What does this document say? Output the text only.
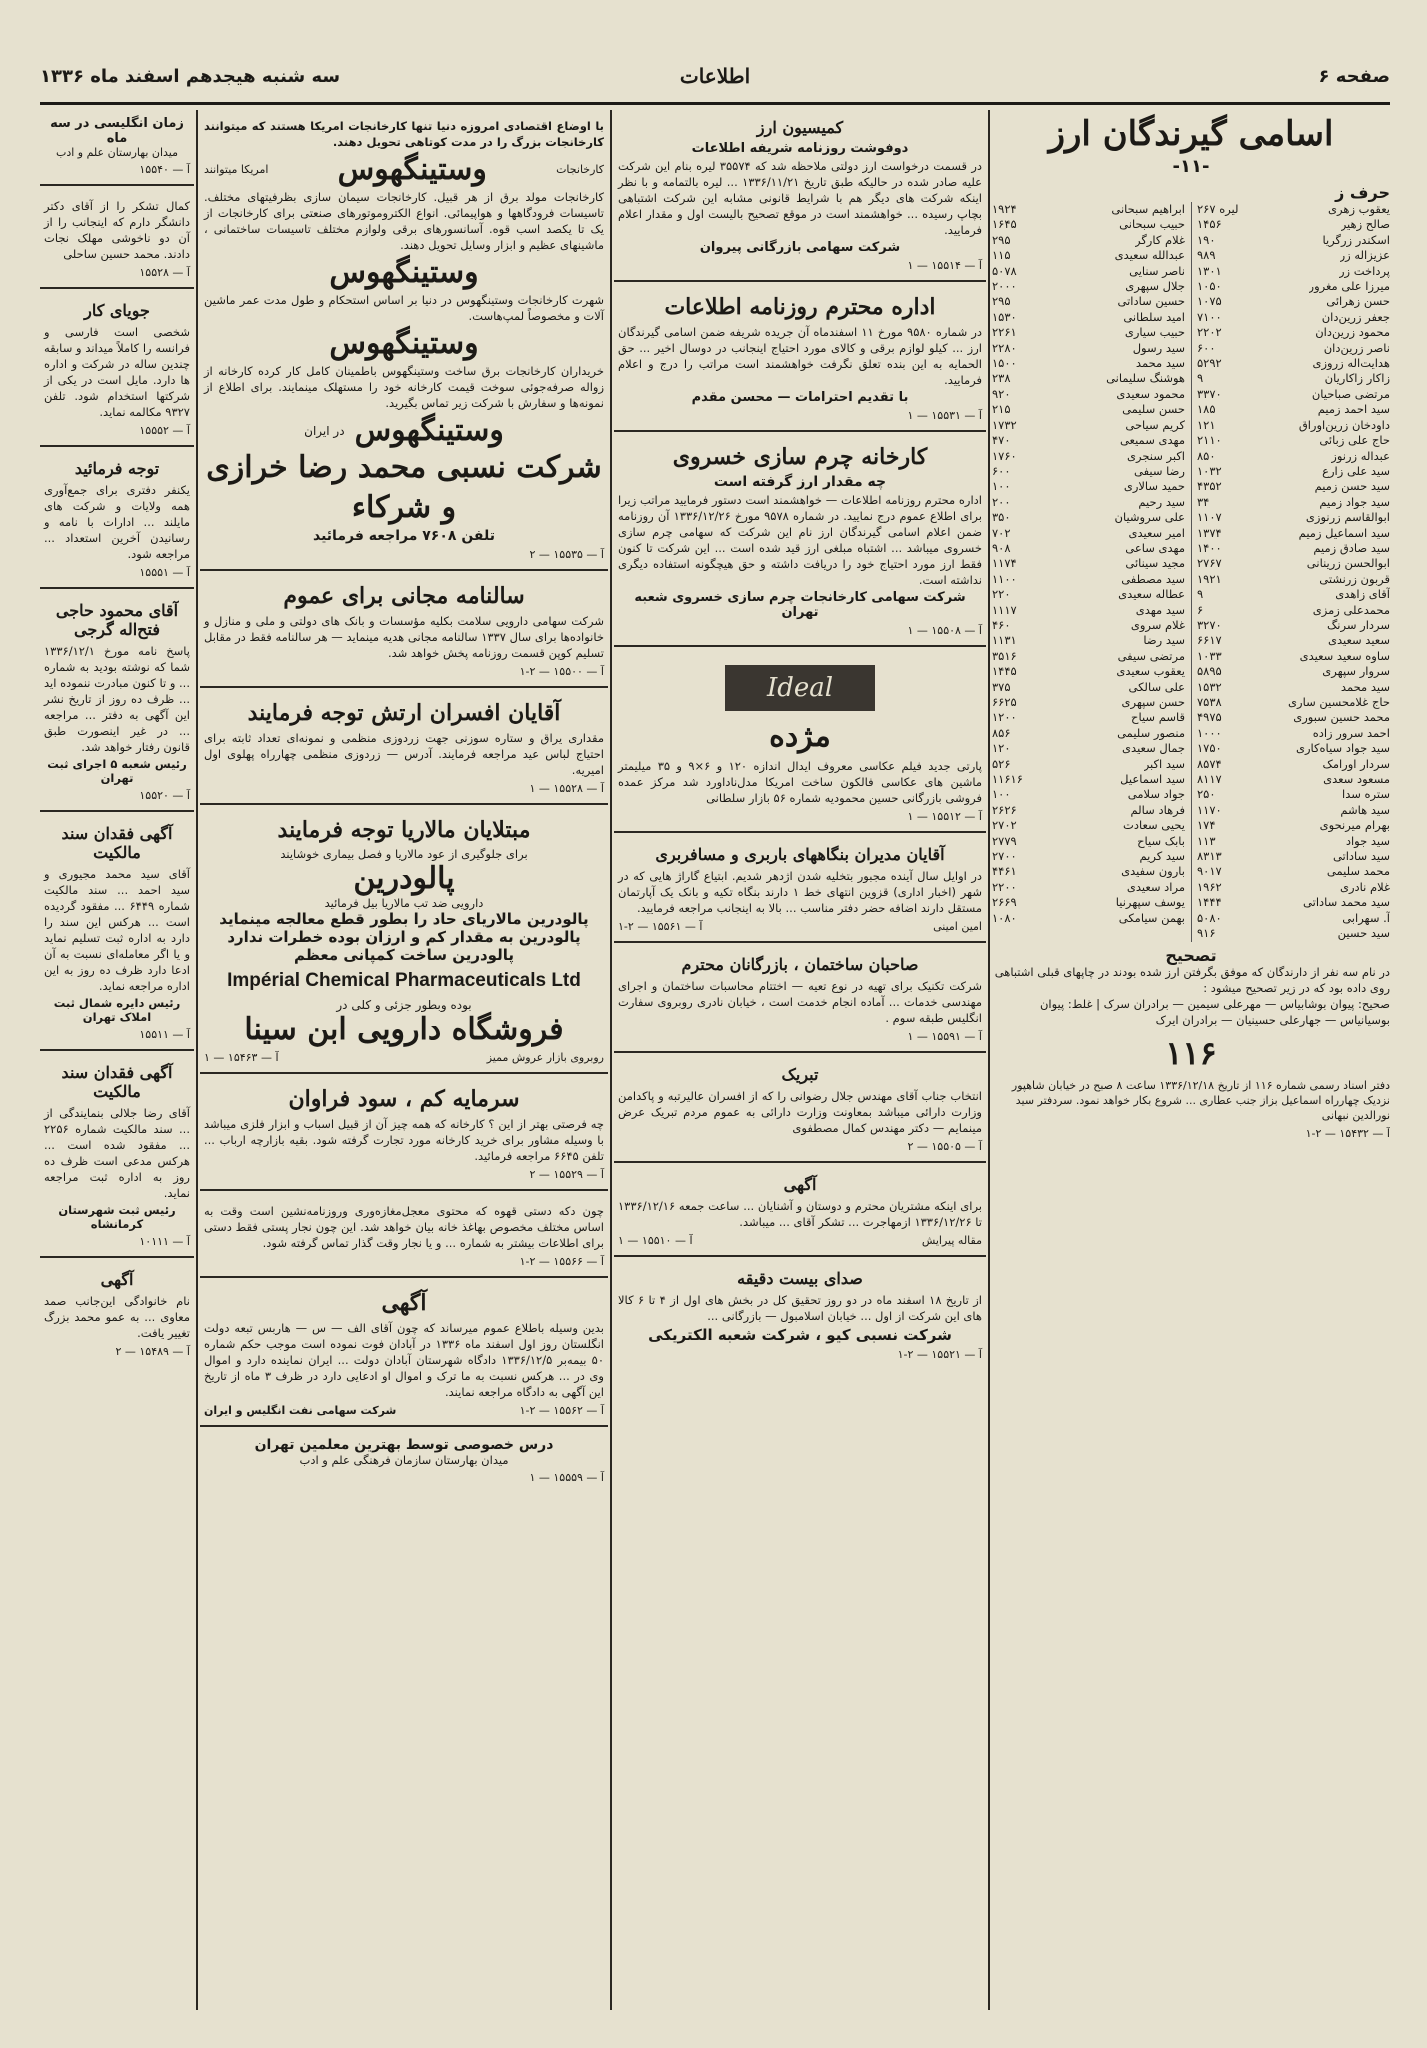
صفحه ۶
اطلاعات
سه شنبه هیجدهم اسفند ماه ۱۳۳۶
اسامی گیرندگان ارز
-۱۱-
حرف ز
یعقوب زهری
۲۶۷ لیره
صالح زهیر
۱۴۵۶
اسکندر زرگریا
۱۹۰
عزیزاله زر
۹۸۹
پرداخت زر
۱۳۰۱
میرزا علی مغرور
۱۰۵۰
حسن زهرائی
۱۰۷۵
جعفر زرین‌دان
۷۱۰۰
محمود زرین‌دان
۲۲۰۲
ناصر زرین‌دان
۶۰۰
هدایت‌اله زروزی
۵۲۹۲
زاکار زاکاریان
۹
مرتضی صباحیان
۳۳۷۰
سید احمد زمیم
۱۸۵
داودخان زرین‌اوراق
۱۲۱
حاج علی زبائی
۲۱۱۰
عبداله زرنوز
۸۵۰
سید علی زارع
۱۰۳۲
سید حسن زمیم
۴۳۵۲
سید جواد زمیم
۳۴
ابوالقاسم زرنوزی
۱۱۰۷
سید اسماعیل زمیم
۱۳۷۴
سید صادق زمیم
۱۴۰۰
ابوالحسن زرینانی
۲۷۶۷
قربون زرنشتی
۱۹۲۱
آقای زاهدی
۹
محمدعلی زمزی
۶
سردار سرنگ
۳۲۷۰
سعید سعیدی
۶۶۱۷
ساوه سعید سعیدی
۱۰۳۳
سروار سپهری
۵۸۹۵
سید محمد
۱۵۳۲
حاج غلامحسین ساری
۷۵۳۸
محمد حسین سبوری
۴۹۷۵
احمد سرور زاده
۱۰۰۰
سید جواد سیاه‌کاری
۱۷۵۰
سردار اورامک
۸۵۷۴
مسعود سعدی
۸۱۱۷
ستره سدا
۲۵۰
سید هاشم
۱۱۷۰
بهرام میرنحوی
۱۷۴
سید جواد
۱۱۳
سید ساداتی
۸۳۱۳
محمد سلیمی
۹۰۱۷
غلام نادری
۱۹۶۲
سید محمد ساداتی
۱۴۴۴
آ. سهرابی
۵۰۸۰
سید حسین
۹۱۶
ابراهیم سبحانی
۱۹۲۴
حبیب سبحانی
۱۶۴۵
غلام کارگر
۲۹۵
عبدالله سعیدی
۱۱۵
ناصر سنایی
۵۰۷۸
جلال سپهری
۲۰۰۰
حسین ساداتی
۲۹۵
امید سلطانی
۱۵۳۰
حبیب سیاری
۲۲۶۱
سید رسول
۲۲۸۰
سید محمد
۱۵۰۰
هوشنگ سلیمانی
۲۳۸
محمود سعیدی
۹۲۰
حسن سلیمی
۲۱۵
کریم سیاحی
۱۷۳۲
مهدی سمیعی
۴۷۰
اکبر سنجری
۱۷۶۰
رضا سیفی
۶۰۰
حمید سالاری
۱۰۰
سید رحیم
۲۰۰
علی سروشیان
۳۵۰
امیر سعیدی
۷۰۲
مهدی ساعی
۹۰۸
مجید سینائی
۱۱۷۴
سید مصطفی
۱۱۰۰
عطاله سعیدی
۲۲۰
سید مهدی
۱۱۱۷
غلام سروی
۴۶۰
سید رضا
۱۱۳۱
مرتضی سیفی
۳۵۱۶
یعقوب سعیدی
۱۴۴۵
علی سالکی
۳۷۵
حسن سپهری
۶۶۲۵
قاسم سیاح
۱۲۰۰
منصور سلیمی
۸۵۶
جمال سعیدی
۱۲۰
سید اکبر
۵۲۶
سید اسماعیل
۱۱۶۱۶
جواد سلامی
۱۰۰
فرهاد سالم
۲۶۲۶
یحیی سعادت
۲۷۰۲
بابک سیاح
۲۷۷۹
سید کریم
۲۷۰۰
بارون سفیدی
۴۴۶۱
مراد سعیدی
۲۲۰۰
یوسف سپهرنیا
۲۶۶۹
بهمن سیامکی
۱۰۸۰
تصحیح
در نام سه نفر از دارندگان که موفق بگرفتن ارز شده بودند در چاپهای قبلی اشتباهی روی داده بود که در زیر تصحیح میشود :
صحیح: پیوان بوشابیاس — مهرعلی سیمین — برادران سرک | غلط: پیوان بوسیانیاس — جهارعلی حسینیان — برادران ایرک
۱۱۶
دفتر اسناد رسمی شماره ۱۱۶ از تاریخ ۱۳۳۶/۱۲/۱۸ ساعت ۸ صبح در خیابان شاهپور نزدیک چهارراه اسماعیل بزاز جنب عطاری ... شروع بکار خواهد نمود. سردفتر سید نورالدین نبهانی
آ — ۱۵۴۳۲ — ۲-۱
کمیسیون ارز
دوفوشت روزنامه شریفه اطلاعات

در قسمت درخواست ارز دولتی ملاحظه شد که ۳۵۵۷۴ لیره بنام این شرکت علیه صادر شده در حالیکه طبق تاریخ ۱۳۳۶/۱۱/۲۱ ... لیره بالتمامه و با نظر اینکه شرکت های دیگر هم با شرایط قانونی مشابه این شرکت اشتباهی بچاپ رسیده ... خواهشمند است در موقع تصحیح بالیست اول و مقدار اعلام فرمایید.

شرکت سهامی بازرگانی پیروان
آ — ۱۵۵۱۴ — ۱
اداره محترم روزنامه اطلاعات

در شماره ۹۵۸۰ مورخ ۱۱ اسفندماه آن جریده شریفه ضمن اسامی گیرندگان ارز ... کیلو لوازم برقی و کالای مورد احتیاج اینجانب در دوسال اخیر ... حق الحمایه به این بنده تعلق نگرفت خواهشمند است مراتب را درج و اعلام فرمایید.

با تقدیم احترامات — محسن مقدم
آ — ۱۵۵۳۱ — ۱
کارخانه چرم سازی خسروی
چه مقدار ارز گرفته است

اداره محترم روزنامه اطلاعات — خواهشمند است دستور فرمایید مراتب زیرا برای اطلاع عموم درج نمایید. در شماره ۹۵۷۸ مورخ ۱۳۳۶/۱۲/۲۶ آن روزنامه ضمن اعلام اسامی گیرندگان ارز نام این شرکت که سهامی چرم سازی خسروی میباشد ... اشتباه مبلغی ارز قید شده است ... این شرکت تا کنون فقط ارز مورد احتیاج خود را دریافت داشته و حق هیچگونه استفاده دیگری نداشته است.

شرکت سهامی کارخانجات چرم سازی خسروی شعبه تهران
آ — ۱۵۵۰۸ — ۱
Ideal
مژده

پارتی جدید فیلم عکاسی معروف ایدال اندازه ۱۲۰ و ۶×۹ و ۳۵ میلیمتر ماشین های عکاسی فالکون ساخت امریکا مدل‌ناداورد شد مرکز عمده فروشی بازرگانی حسین محمودیه شماره ۵۶ بازار سلطانی

آ — ۱۵۵۱۲ — ۱
آقایان مدیران بنگاههای باربری و مسافربری

در اوایل سال آینده مجبور بتخلیه شدن اژدهر شدیم. ابتیاع گاراژ هایی که در شهر (اخبار اداری) قزوین انتهای خط ۱ دارند بنگاه تکیه و بانک یک آپارتمان مستقل دارند اضافه حضر دفتر مناسب ... بالا به اینجانب مراجعه فرمایید.

امین امینی
آ — ۱۵۵۶۱ — ۲-۱
صاحبان ساختمان ، بازرگانان محترم

شرکت تکنیک برای تهیه در نوع تعیه — اختتام محاسبات ساختمان و اجرای مهندسی خدمات ... آماده انجام خدمت است ، خیابان نادری روبروی سفارت انگلیس طبقه سوم .

آ — ۱۵۵۹۱ — ۱
تبریک

انتخاب جناب آقای مهندس جلال رضوانی را که از افسران عالیرتبه و پاکدامن وزارت دارائی میباشد بمعاونت وزارت دارائی به عموم مردم تبریک عرض مینمایم — دکتر مهندس کمال مصطفوی

آ — ۱۵۵۰۵ — ۲
آگهی

برای اینکه مشتریان محترم و دوستان و آشنایان ... ساعت جمعه ۱۳۳۶/۱۲/۱۶ تا ۱۳۳۶/۱۲/۲۶ ازمهاجرت ... تشکر آقای ... میباشد.

مقاله پیرایش
آ — ۱۵۵۱۰ — ۱
صدای بیست دقیقه

از تاریخ ۱۸ اسفند ماه در دو روز تحقیق كل در بخش های اول از ۴ تا ۶ کالا های این شرکت از اول ... خیابان اسلامبول — بازرگانی ...

شرکت نسبی کیو ، شرکت شعبه الکتریکی
آ — ۱۵۵۲۱ — ۲-۱

با اوضاع اقتصادی امروزه دنیا تنها کارخانجات امریکا هستند که میتوانند کارخانجات بزرگ را در مدت کوتاهی تحویل دهند.

کارخانجات
وستینگهوس
امریکا میتوانند

کارخانجات مولد برق از هر قبیل. کارخانجات سیمان سازی بظرفیتهای مختلف. تاسیسات فرودگاهها و هواپیمائی. انواع الکتروموتورهای صنعتی برای کارخانجات از یک تا یکصد اسب قوه. آسانسورهای برقی ولوازم مختلف تاسیسات ساختمانی ، ماشینهای عظیم و ابزار وسایل تحویل دهند.

وستینگهوس

شهرت کارخانجات وستینگهوس در دنیا بر اساس استحکام و طول مدت عمر ماشین آلات و مخصوصاً لمپ‌هاست.

وستینگهوس

خریداران کارخانجات برق ساخت وستینگهوس باطمینان کامل کار کرده کارخانه از زواله صرفه‌جوئی سوخت قیمت کارخانه خود را مستهلک مینمایند. برای اطلاع از نمونه‌ها و سفارش با شرکت زیر تماس بگیرید.

وستینگهوس
در ایران
شرکت نسبی محمد رضا خرازی و شرکاء
تلفن ۷۶۰۸ مراجعه فرمائید
آ — ۱۵۵۳۵ — ۲
سالنامه مجانی برای عموم

شرکت سهامی دارویی سلامت بکلیه مؤسسات و بانک های دولتی و ملی و منازل و خانواده‌ها برای سال ۱۳۳۷ سالنامه مجانی هدیه مینماید — هر سالنامه فقط در مقابل تسلیم کوپن قسمت روزنامه پخش خواهد شد.

آ — ۱۵۵۰۰ — ۲-۱
آقایان افسران ارتش توجه فرمایند

مقداری یراق و ستاره سوزنی جهت زردوزی منظمی و نمونه‌ای تعداد ثابته برای احتیاج لباس عید مراجعه فرمایند. آدرس — زردوزی منظمی چهارراه پهلوی اول امیریه.

آ — ۱۵۵۲۸ — ۱
مبتلایان مالاریا توجه فرمایند
برای جلوگیری از عود مالاریا و فصل بیماری خوشایند
پالودرین
دارویی ضد تب مالاریا بیل فرمائید
پالودرین مالاریای حاد را بطور قطع معالجه مینماید
پالودرین به مقدار کم و ارزان بوده خطرات ندارد
پالودرین ساخت کمپانی معظم
Impérial Chemical Pharmaceuticals Ltd
بوده وبطور جزئی و کلی در
فروشگاه دارویی ابن سینا
روبروی بازار عروش ممیز
آ — ۱۵۴۶۳ — ۱
سرمایه کم ، سود فراوان

چه فرصتی بهتر از این ؟ کارخانه که همه چیز آن از قبیل اسباب و ابزار فلزی میباشد با وسیله مشاور برای خرید کارخانه مورد تجارت گرفته شود. بقیه بازارچه ارباب ... تلفن ۶۶۴۵ مراجعه فرمائید.

آ — ۱۵۵۲۹ — ۲

چون دکه دستی قهوه که محتوی معجل‌مغازه‌وری وروزنامه‌نشین است وقت به اساس مختلف مخصوص بهاغذ خانه بیان خواهد شد. این چون نجار پستی فقط دستی برای اطلاعات بیشتر به شماره ... و یا نجار وقت گذار تماس گرفته شود.

آ — ۱۵۵۶۶ — ۲-۱
آگهی

بدین وسیله باطلاع عموم میرساند که چون آقای الف — س — هاربس تبعه دولت انگلستان روز اول اسفند ماه ۱۳۳۶ در آبادان فوت نموده است موجب حکم شماره ۵۰ بیمه‌بر ۱۳۳۶/۱۲/۵ دادگاه شهرستان آبادان دولت ... ایران نماینده دارد و اموال وی در ... هرکس نسبت به ما ترک و اموال او ادعایی دارد در ظرف ۳ ماه از تاریخ این آگهی به دادگاه مراجعه نمایند.

آ — ۱۵۵۶۲ — ۲-۱
شرکت سهامی نفت انگلیس و ایران
درس خصوصی توسط بهترین معلمین تهران
میدان بهارستان سازمان فرهنگی علم و ادب
آ — ۱۵۵۵۹ — ۱
زمان انگلیسی در سه ماه
میدان بهارستان علم و ادب
آ — ۱۵۵۴۰

کمال تشکر را از آقای دکتر دانشگر دارم که اینجانب را از آن دو ناخوشی مهلک نجات دادند. محمد حسین ساحلی

آ — ۱۵۵۲۸
جویای کار

شخصی است فارسی و فرانسه را کاملاً میداند و سابقه چندین ساله در شرکت و اداره ها دارد. مایل است در یکی از شرکتها استخدام شود. تلفن ۹۳۲۷ مکالمه نماید.

آ — ۱۵۵۵۲
توجه فرمائید

یکنفر دفتری برای جمع‌آوری همه ولایات و شرکت های مایلند ... ادارات با نامه و رسانیدن آخرین استعداد ... مراجعه شود.

آ — ۱۵۵۵۱
آقای محمود حاجی فتح‌اله گرجی

پاسخ نامه مورخ ۱۳۳۶/۱۲/۱ شما که نوشته بودید به شماره ... و تا کنون مبادرت ننموده اید ... ظرف ده روز از تاریخ نشر این آگهی به دفتر ... مراجعه ... در غیر اینصورت طبق قانون رفتار خواهد شد.

رئیس شعبه ۵ اجرای ثبت تهران
آ — ۱۵۵۲۰
آگهی فقدان سند مالکیت

آقای سید محمد مجیوری و سید احمد ... سند مالکیت شماره ۶۴۴۹ ... مفقود گردیده است ... هرکس این سند را دارد به اداره ثبت تسلیم نماید و یا اگر معامله‌ای نسبت به آن ادعا دارد ظرف ده روز به این اداره مراجعه نماید.

رئیس دایره شمال ثبت املاک تهران
آ — ۱۵۵۱۱
آگهی فقدان سند مالکیت

آقای رضا جلالی بنمایندگی از ... سند مالکیت شماره ۲۲۵۶ ... مفقود شده است ... هرکس مدعی است ظرف ده روز به اداره ثبت مراجعه نماید.

رئیس ثبت شهرستان کرمانشاه
آ — ۱۰۱۱۱
آگهی

نام خانوادگی این‌جانب صمد معاوی ... به عمو محمد بزرگ تغییر یافت.

آ — ۱۵۴۸۹ — ۲
